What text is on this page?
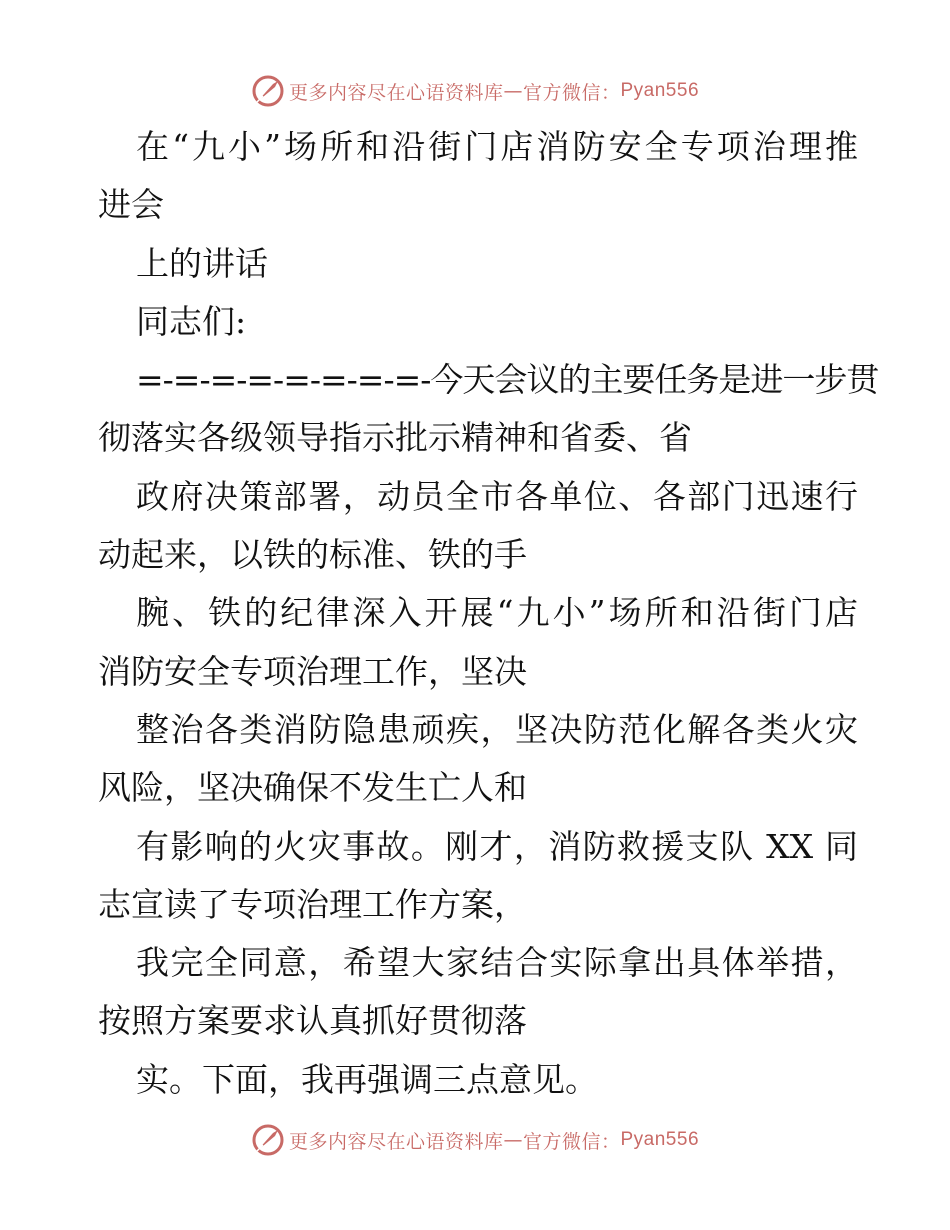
更多内容尽在心语资料库 — 官方微信： Pyan556
在“九小”场所和沿街门店消防安全专项治理推
进会
上的讲话
同志们:
=-=-=-=-=-=-=-=-今天会议的主要任务是进一步贯
彻落实各级领导指示批示精神和省委、省
政府决策部署，动员全市各单位、各部门迅速行
动起来，以铁的标准、铁的手
腕、铁的纪律深入开展“九小”场所和沿街门店
消防安全专项治理工作，坚决
整治各类消防隐患顽疾，坚决防范化解各类火灾
风险，坚决确保不发生亡人和
有影响的火灾事故。刚才，消防救援支队 XX 同
志宣读了专项治理工作方案，
我完全同意，希望大家结合实际拿出具体举措，
按照方案要求认真抓好贯彻落
实。下面，我再强调三点意见。
更多内容尽在心语资料库 — 官方微信： Pyan556
